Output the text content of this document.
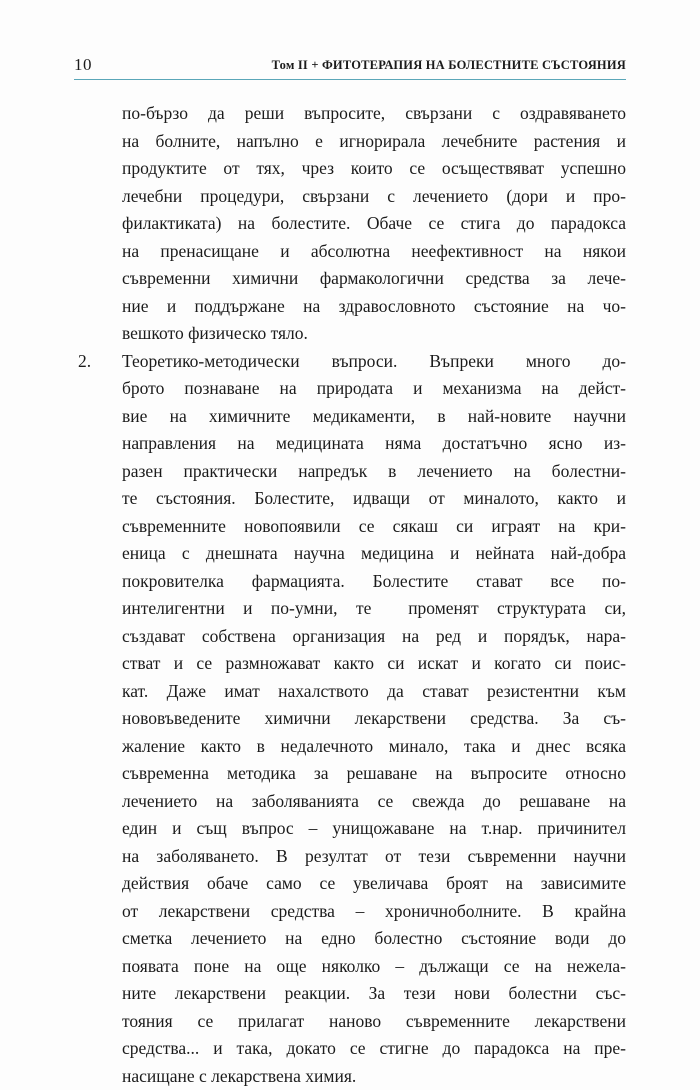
10	Том II + ФИТОТЕРАПИЯ НА БОЛЕСТНИТЕ СЪСТОЯНИЯ
по-бързо да реши въпросите, свързани с оздравяването
на болните, напълно е игнорирала лечебните растения и
продуктите от тях, чрез които се осъществяват успешно
лечебни процедури, свързани с лечението (дори и про-
филактиката) на болестите. Обаче се стига до парадокса
на пренасищане и абсолютна неефективност на някои
съвременни химични фармакологични средства за лече-
ние и поддържане на здравословното състояние на чо-
вешкото физическо тяло.
2. Теоретико-методически въпроси. Въпреки много до-
брото познаване на природата и механизма на дейст-
вие на химичните медикаменти, в най-новите научни
направления на медицината няма достатъчно ясно из-
разен практически напредък в лечението на болестни-
те състояния. Болестите, идващи от миналото, както и
съвременните новопоявили се сякаш си играят на кри-
еница с днешната научна медицина и нейната най-добра
покровителка фармацията. Болестите стават все по-
интелигентни и по-умни, те  променят структурата си,
създават собствена организация на ред и порядък, нара-
стват и се размножават както си искат и когато си поис-
кат. Даже имат нахалството да стават резистентни към
нововъведените химични лекарствени средства. За съ-
жаление както в недалечното минало, така и днес всяка
съвременна методика за решаване на въпросите относно
лечението на заболяванията се свежда до решаване на
един и същ въпрос – унищожаване на т.нар. причинител
на заболяването. В резултат от тези съвременни научни
действия обаче само се увеличава броят на зависимите
от лекарствени средства – хроничноболните. В крайна
сметка лечението на едно болестно състояние води до
появата поне на още няколко – дължащи се на нежела-
ните лекарствени реакции. За тези нови болестни със-
тояния се прилагат наново съвременните лекарствени
средства... и така, докато се стигне до парадокса на пре-
насищане с лекарствена химия.
